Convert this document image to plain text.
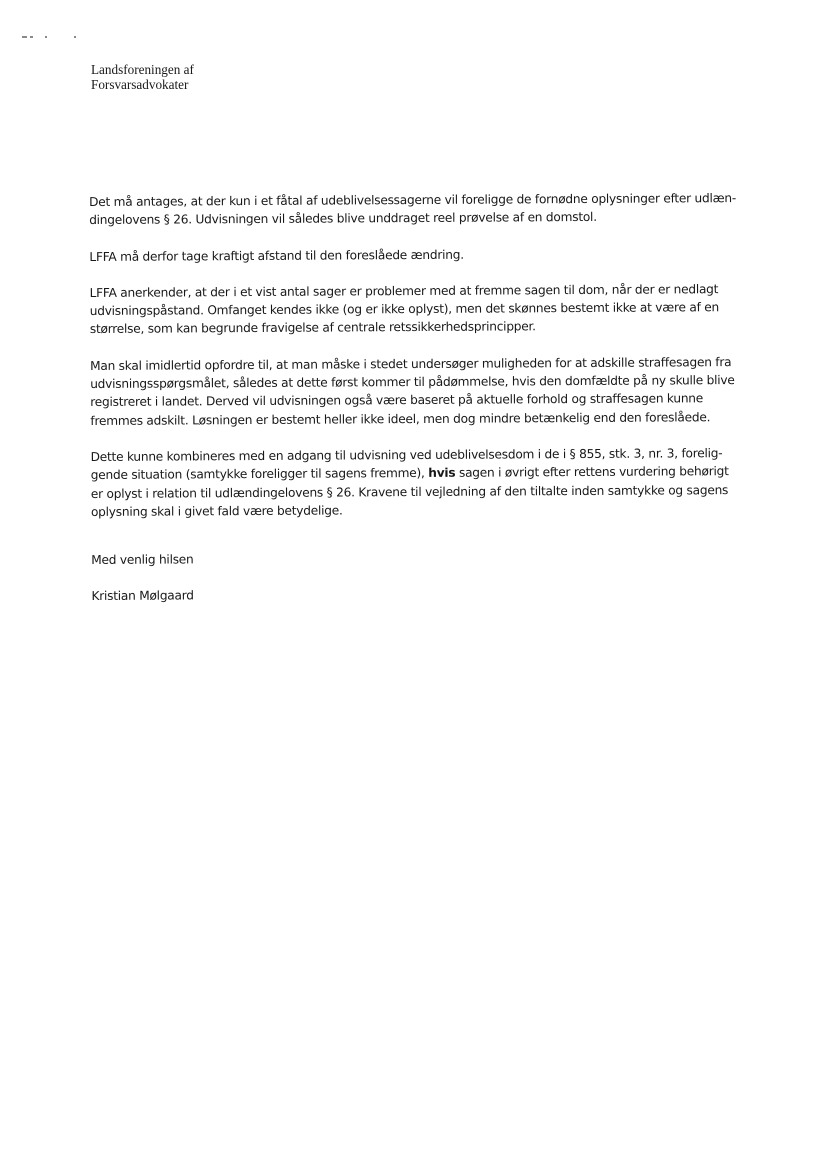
Landsforeningen af
Forsvarsadvokater

Det må antages, at der kun i et fåtal af udeblivelsessagerne vil foreligge de fornødne oplysninger efter udlæn-
dingelovens § 26. Udvisningen vil således blive unddraget reel prøvelse af en domstol.

LFFA må derfor tage kraftigt afstand til den foreslåede ændring.

LFFA anerkender, at der i et vist antal sager er problemer med at fremme sagen til dom, når der er nedlagt
udvisningspåstand. Omfanget kendes ikke (og er ikke oplyst), men det skønnes bestemt ikke at være af en
størrelse, som kan begrunde fravigelse af centrale retssikkerhedsprincipper.

Man skal imidlertid opfordre til, at man måske i stedet undersøger muligheden for at adskille straffesagen fra
udvisningsspørgsmålet, således at dette først kommer til pådømmelse, hvis den domfældte på ny skulle blive
registreret i landet. Derved vil udvisningen også være baseret på aktuelle forhold og straffesagen kunne
fremmes adskilt. Løsningen er bestemt heller ikke ideel, men dog mindre betænkelig end den foreslåede.

Dette kunne kombineres med en adgang til udvisning ved udeblivelsesdom i de i § 855, stk. 3, nr. 3, forelig-
gende situation (samtykke foreligger til sagens fremme), hvis sagen i øvrigt efter rettens vurdering behørigt
er oplyst i relation til udlændingelovens § 26. Kravene til vejledning af den tiltalte inden samtykke og sagens
oplysning skal i givet fald være betydelige.

Med venlig hilsen
Kristian Mølgaard
